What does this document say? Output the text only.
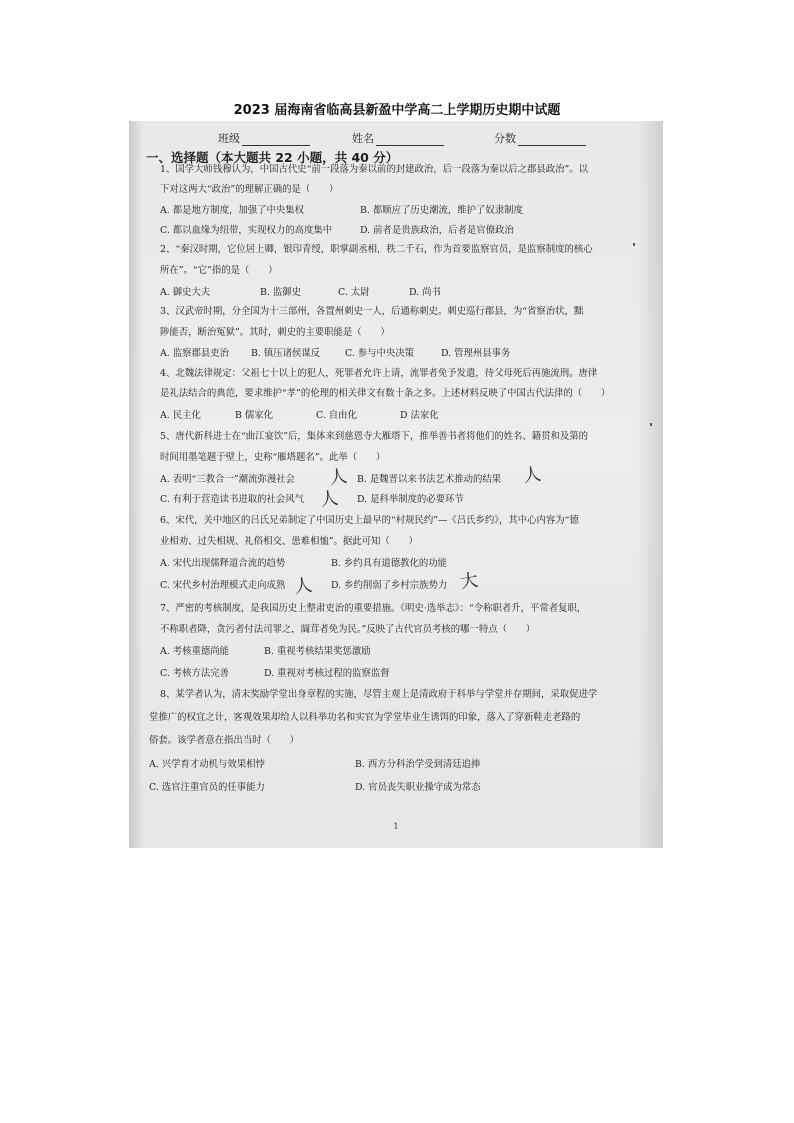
2023 届海南省临高县新盈中学高二上学期历史期中试题
班级	姓名	分数
一、选择题（本大题共 22 小题，共 40 分）
1、国学大师钱穆认为，中国古代史“前一段落为秦以前的封建政治，后一段落为秦以后之郡县政治”。以
下对这两大“政治”的理解正确的是（　　）
A. 都是地方制度，加强了中央集权	B. 都顺应了历史潮流，维护了奴隶制度
C. 都以血缘为纽带，实现权力的高度集中	D. 前者是贵族政治，后者是官僚政治
2、“秦汉时期，它位居上卿，银印青绶，职掌副丞相，秩二千石，作为首要监察官员，是监察制度的核心
所在”。“它”指的是（　　）
A. 御史大夫	B. 监御史	C. 太尉	D. 尚书
3、汉武帝时期，分全国为十三部州，各置州刺史一人，后通称刺史。刺史巡行郡县，为“省察治状，黜
陟能否，断治冤狱”。其时，刺史的主要职能是（　　）
A. 监察郡县吏治 B. 镇压诸侯谋反	C. 参与中央决策	D. 管理州县事务
4、北魏法律规定：父祖七十以上的犯人，死罪者允许上请，流罪者免予发遣，待父母死后再施流刑。唐律
是礼法结合的典范，要求维护“孝”的伦理的相关律文有数十条之多。上述材料反映了中国古代法律的（　　）
A. 民主化	B 儒家化	C. 自由化	D 法家化
5、唐代新科进士在“曲江宴饮”后，集体来到慈恩寺大雁塔下，推举善书者将他们的姓名、籍贯和及第的
时间用墨笔题于壁上，史称“雁塔题名”。此举（　　）
A. 表明“三教合一”潮流弥漫社会	B. 是魏晋以来书法艺术推动的结果
C. 有利于营造读书进取的社会风气	D. 是科举制度的必要环节
6、宋代，关中地区的吕氏兄弟制定了中国历史上最早的“村规民约”—《吕氏乡约》，其中心内容为“德
业相劝、过失相规、礼俗相交、患难相恤”。据此可知（　　）
A. 宋代出现儒释道合流的趋势	B. 乡约具有道德教化的功能
C. 宋代乡村治理模式走向成熟	D. 乡约削弱了乡村宗族势力
7、严密的考核制度，是我国历史上整肃吏治的重要措施。《明史·选举志》：“令称职者升，平常者复职，
不称职者降，贪污者付法司罪之，阘茸者免为民。”反映了古代官员考核的哪一特点（　　）
A. 考核重德尚能	B. 重视考核结果奖惩激励
C. 考核方法完善	D. 重视对考核过程的监察监督
8、某学者认为，清末奖励学堂出身章程的实施，尽管主观上是清政府于科举与学堂并存期间，采取促进学
堂推广的权宜之计，客观效果却给人以科举功名和实官为学堂毕业生诱饵的印象，落入了穿新鞋走老路的
俗套。该学者意在指出当时（　　）
A. 兴学育才动机与效果相悖	B. 西方分科治学受到清廷追捧
C. 选官注重官员的任事能力	D. 官员丧失职业操守成为常态
人	人
人
人	大
1
